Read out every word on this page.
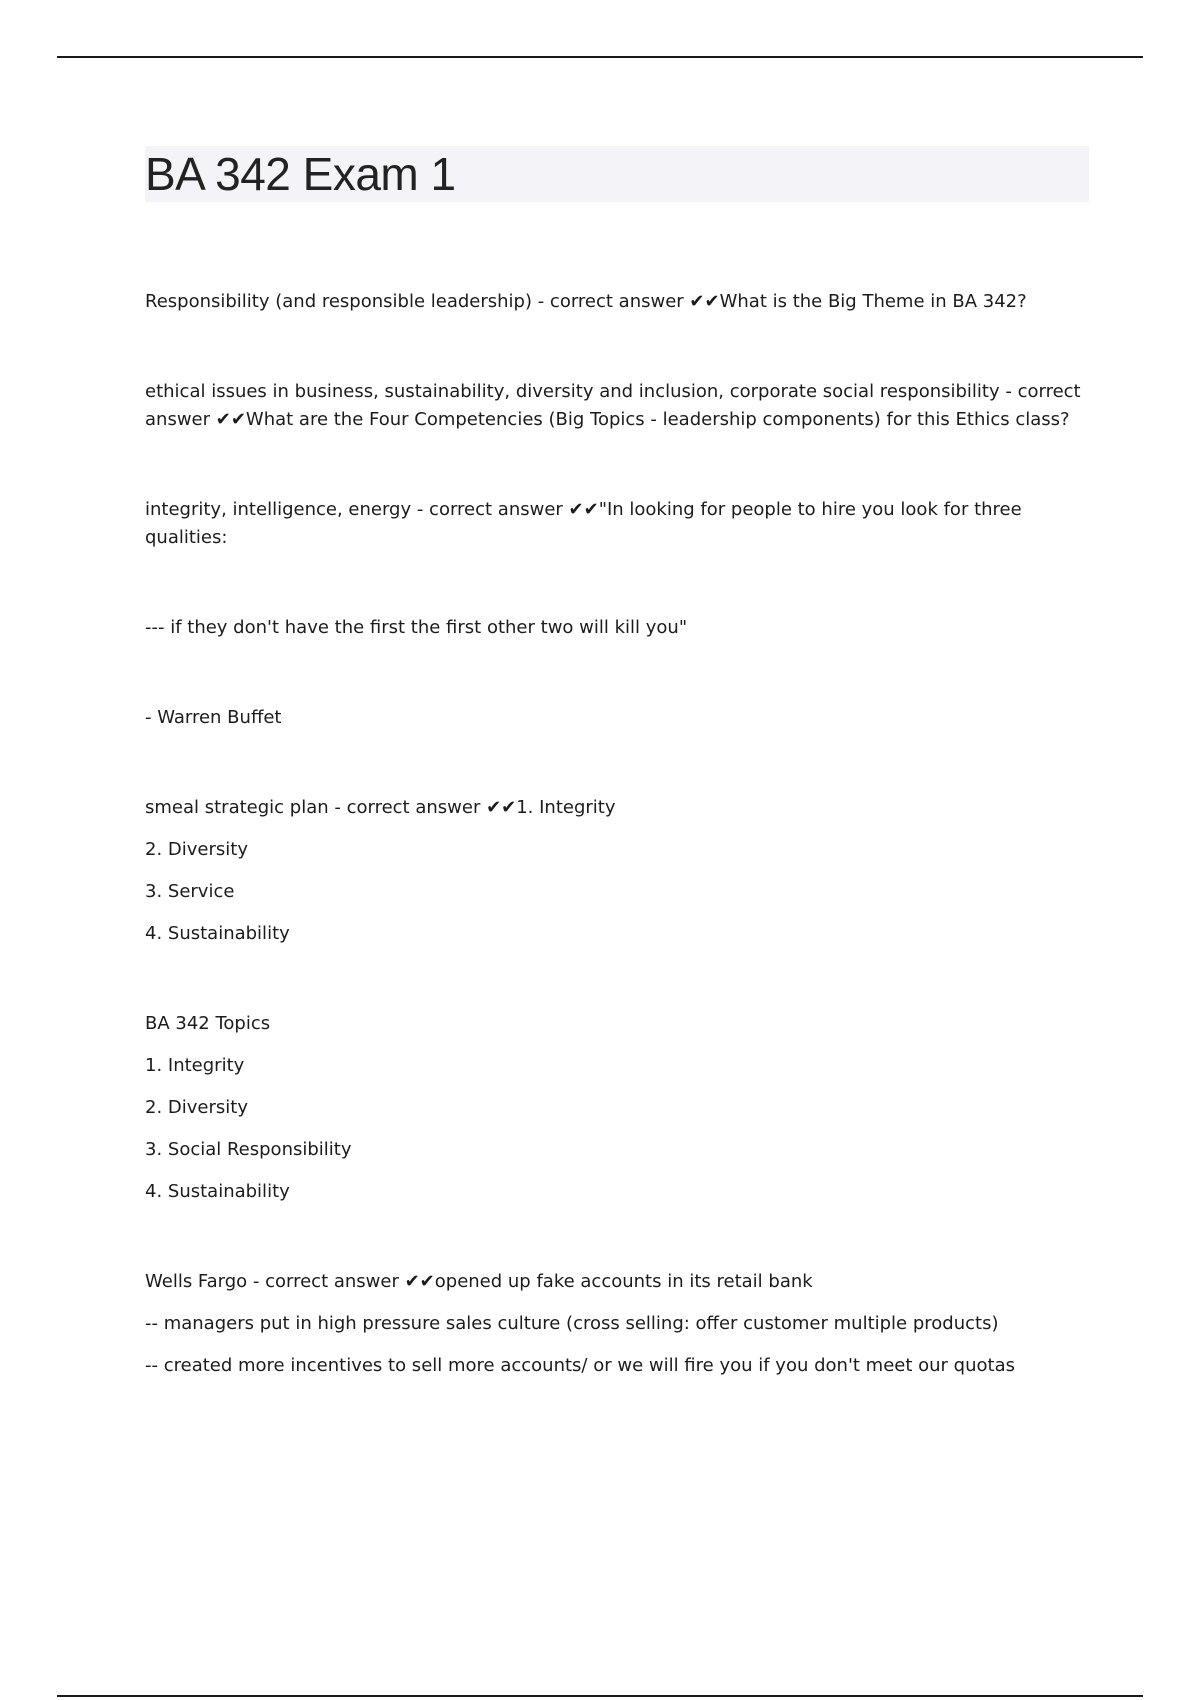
BA 342 Exam 1

Responsibility (and responsible leadership) - correct answer ✔✔What is the Big Theme in BA 342?

ethical issues in business, sustainability, diversity and inclusion, corporate social responsibility - correct answer ✔✔What are the Four Competencies (Big Topics - leadership components) for this Ethics class?

integrity, intelligence, energy - correct answer ✔✔"In looking for people to hire you look for three qualities:

--- if they don't have the first the first other two will kill you"

- Warren Buffet

smeal strategic plan - correct answer ✔✔1. Integrity

2. Diversity

3. Service

4. Sustainability

BA 342 Topics

1. Integrity

2. Diversity

3. Social Responsibility

4. Sustainability

Wells Fargo - correct answer ✔✔opened up fake accounts in its retail bank

-- managers put in high pressure sales culture (cross selling: offer customer multiple products)

-- created more incentives to sell more accounts/ or we will fire you if you don't meet our quotas
